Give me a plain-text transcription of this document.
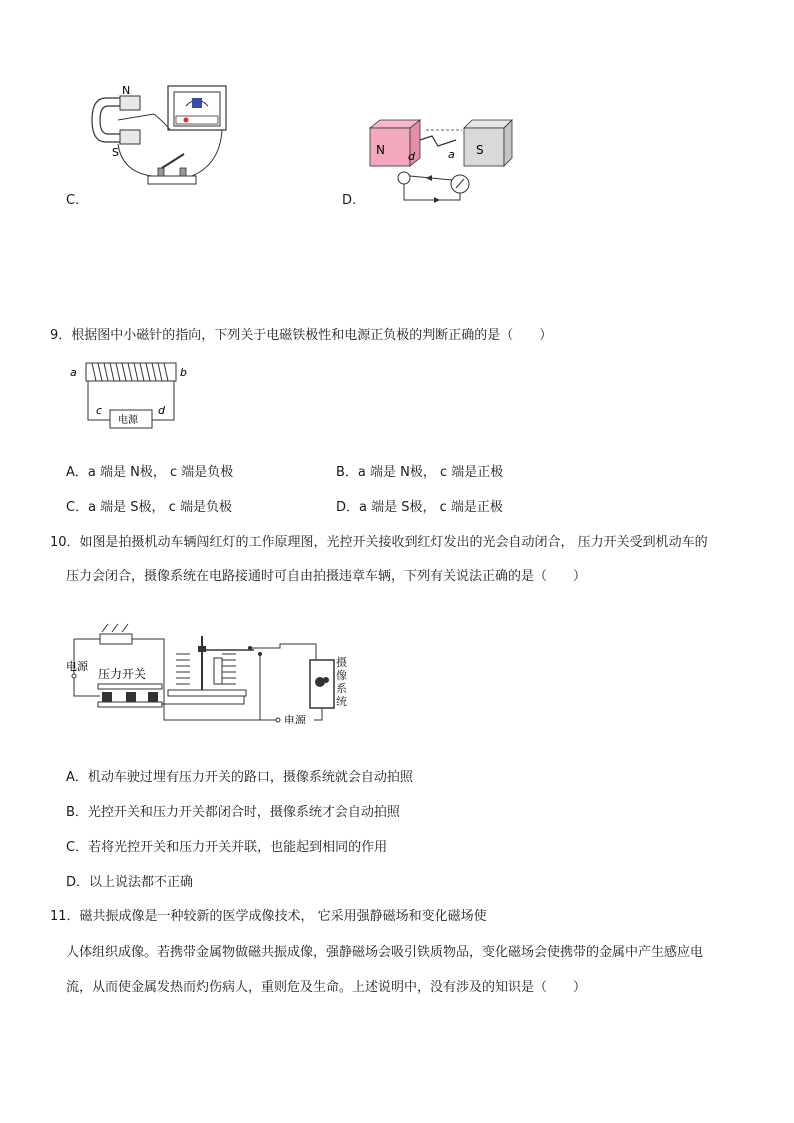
N
S
C.
N	S
a
d
D.
9．根据图中小磁针的指向，下列关于电磁铁极性和电源正负极的判断正确的是（　　）
a	b
c	d
电源
A．a 端是 N极， c 端是负极	B．a 端是 N极， c 端是正极
C．a 端是 S极， c 端是负极	D．a 端是 S极， c 端是正极
10．如图是拍摄机动车辆闯红灯的工作原理图，光控开关接收到红灯发出的光会自动闭合， 压力开关受到机动车的
压力会闭合，摄像系统在电路接通时可自由拍摄违章车辆，下列有关说法正确的是（　　）
电源
压力开关
电源
摄像系统
A．机动车驶过埋有压力开关的路口，摄像系统就会自动拍照
B．光控开关和压力开关都闭合时，摄像系统才会自动拍照
C．若将光控开关和压力开关并联，也能起到相同的作用
D．以上说法都不正确
11．磁共振成像是一种较新的医学成像技术， 它采用强静磁场和变化磁场使
人体组织成像。若携带金属物做磁共振成像，强静磁场会吸引铁质物品，变化磁场会使携带的金属中产生感应电
流，从而使金属发热而灼伤病人，重则危及生命。上述说明中，没有涉及的知识是（　　）
